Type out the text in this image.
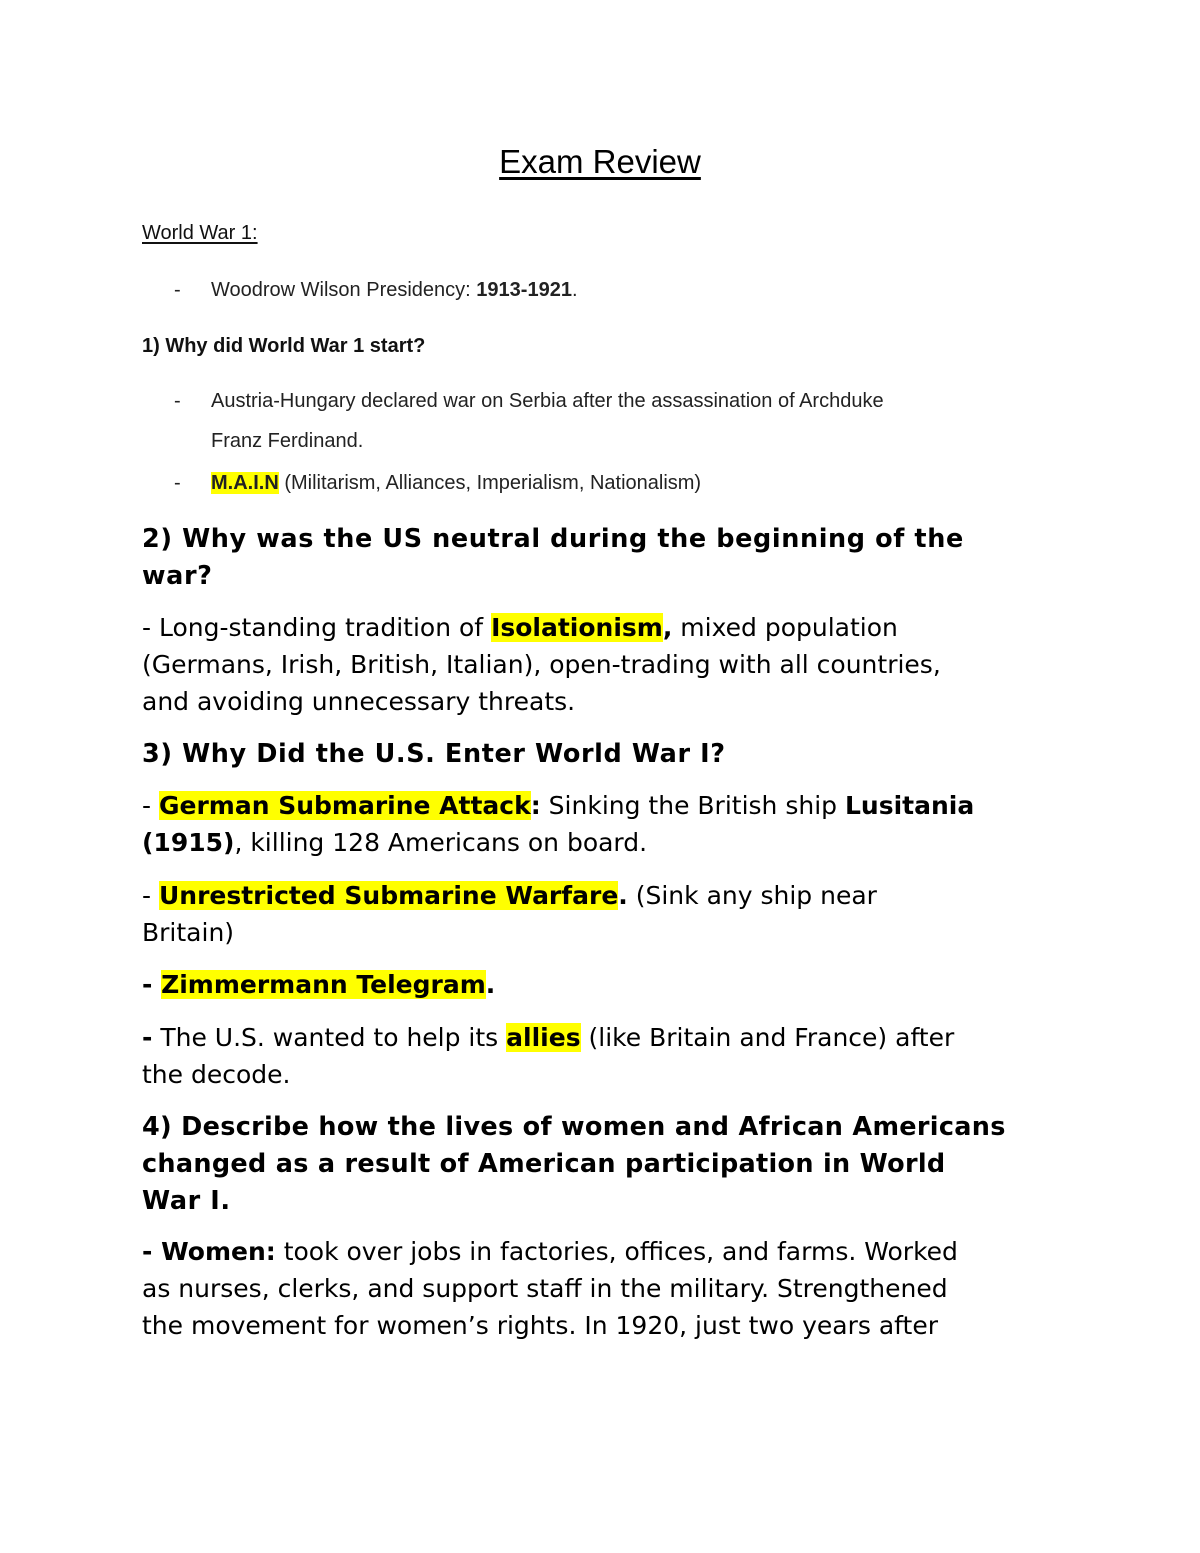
Exam Review
World War 1:
- Woodrow Wilson Presidency: 1913-1921.
1) Why did World War 1 start?
- Austria-Hungary declared war on Serbia after the assassination of Archduke
Franz Ferdinand.
- M.A.I.N (Militarism, Alliances, Imperialism, Nationalism)
2) Why was the US neutral during the beginning of the
war?
- Long-standing tradition of Isolationism, mixed population
(Germans, Irish, British, Italian), open-trading with all countries,
and avoiding unnecessary threats.
3) Why Did the U.S. Enter World War I?
- German Submarine Attack: Sinking the British ship Lusitania
(1915), killing 128 Americans on board.
- Unrestricted Submarine Warfare. (Sink any ship near
Britain)
- Zimmermann Telegram.
- The U.S. wanted to help its allies (like Britain and France) after
the decode.
4) Describe how the lives of women and African Americans
changed as a result of American participation in World
War I.
- Women: took over jobs in factories, offices, and farms. Worked
as nurses, clerks, and support staff in the military. Strengthened
the movement for women’s rights. In 1920, just two years after
